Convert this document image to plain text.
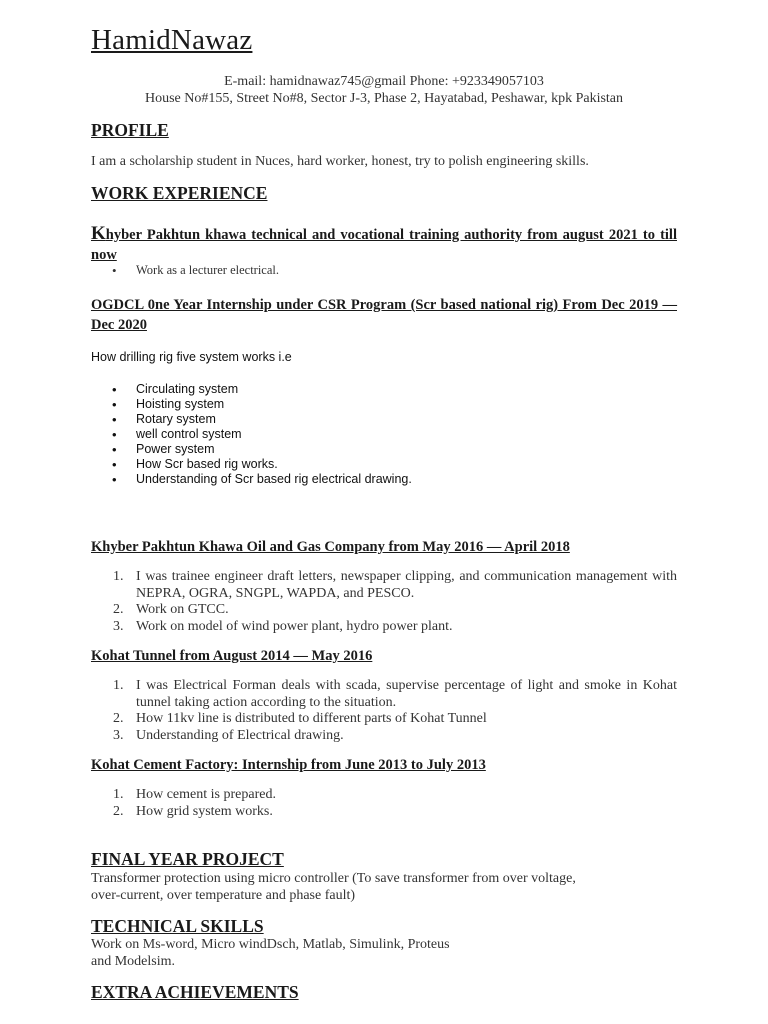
HamidNawaz
E-mail: hamidnawaz745@gmail Phone: +923349057103
House No#155, Street No#8, Sector J-3, Phase 2, Hayatabad, Peshawar, kpk Pakistan
PROFILE
I am a scholarship student in Nuces, hard worker, honest, try to polish engineering skills.
WORK EXPERIENCE
Khyber Pakhtun khawa technical and vocational training authority from august 2021 to till now
• Work as a lecturer electrical.
OGDCL 0ne Year Internship under CSR Program (Scr based national rig) From Dec 2019 —Dec 2020
How drilling rig five system works i.e
• Circulating system
• Hoisting system
• Rotary system
• well control system
• Power system
• How Scr based rig works.
• Understanding of Scr based rig electrical drawing.
Khyber Pakhtun Khawa Oil and Gas Company from May 2016 — April 2018
1. I was trainee engineer draft letters, newspaper clipping, and communication management with NEPRA, OGRA, SNGPL, WAPDA, and PESCO.
2. Work on GTCC.
3. Work on model of wind power plant, hydro power plant.
Kohat Tunnel from August 2014 — May 2016
1. I was Electrical Forman deals with scada, supervise percentage of light and smoke in Kohat tunnel taking action according to the situation.
2. How 11kv line is distributed to different parts of Kohat Tunnel
3. Understanding of Electrical drawing.
Kohat Cement Factory: Internship from June 2013 to July 2013
1. How cement is prepared.
2. How grid system works.
FINAL YEAR PROJECT
Transformer protection using micro controller (To save transformer from over voltage,
over-current, over temperature and phase fault)
TECHNICAL SKILLS
Work on Ms-word, Micro windDsch, Matlab, Simulink, Proteus
and Modelsim.
EXTRA ACHIEVEMENTS
